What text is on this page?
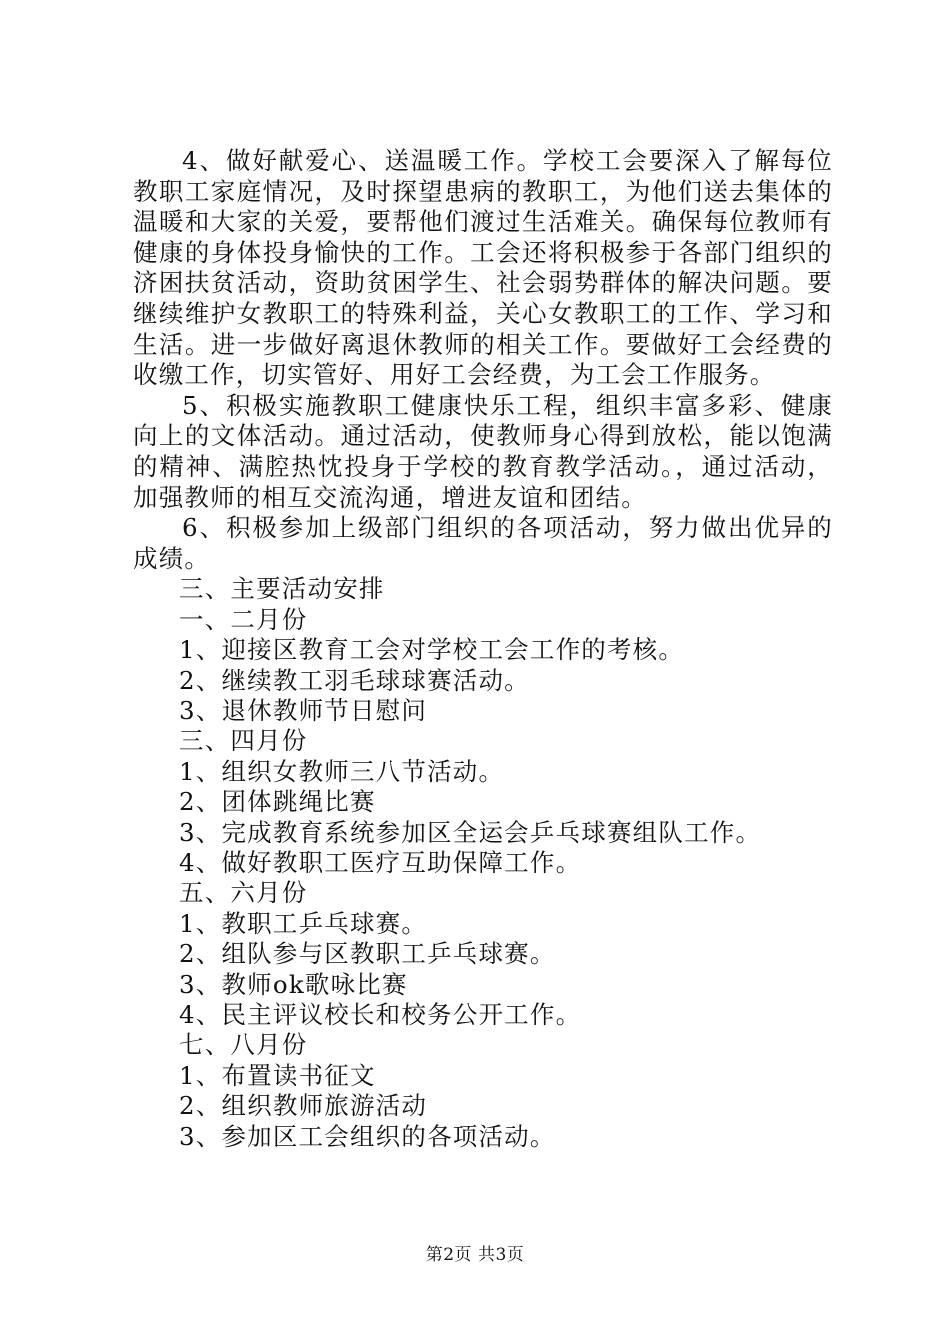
4、做好献爱心、送温暖工作。学校工会要深入了解每位教职工家庭情况，及时探望患病的教职工，为他们送去集体的温暖和大家的关爱，要帮他们渡过生活难关。确保每位教师有健康的身体投身愉快的工作。工会还将积极参于各部门组织的济困扶贫活动，资助贫困学生、社会弱势群体的解决问题。要继续维护女教职工的特殊利益，关心女教职工的工作、学习和生活。进一步做好离退休教师的相关工作。要做好工会经费的收缴工作，切实管好、用好工会经费，为工会工作服务。

5、积极实施教职工健康快乐工程，组织丰富多彩、健康向上的文体活动。通过活动，使教师身心得到放松，能以饱满的精神、满腔热忱投身于学校的教育教学活动。，通过活动，加强教师的相互交流沟通，增进友谊和团结。

6、积极参加上级部门组织的各项活动，努力做出优异的成绩。

三、主要活动安排

一、二月份

1、迎接区教育工会对学校工会工作的考核。

2、继续教工羽毛球球赛活动。

3、退休教师节日慰问

三、四月份

1、组织女教师三八节活动。

2、团体跳绳比赛

3、完成教育系统参加区全运会乒乓球赛组队工作。

4、做好教职工医疗互助保障工作。

五、六月份

1、教职工乒乓球赛。

2、组队参与区教职工乒乓球赛。

3、教师ok歌咏比赛

4、民主评议校长和校务公开工作。

七、八月份

1、布置读书征文

2、组织教师旅游活动

3、参加区工会组织的各项活动。

第2页 共3页
